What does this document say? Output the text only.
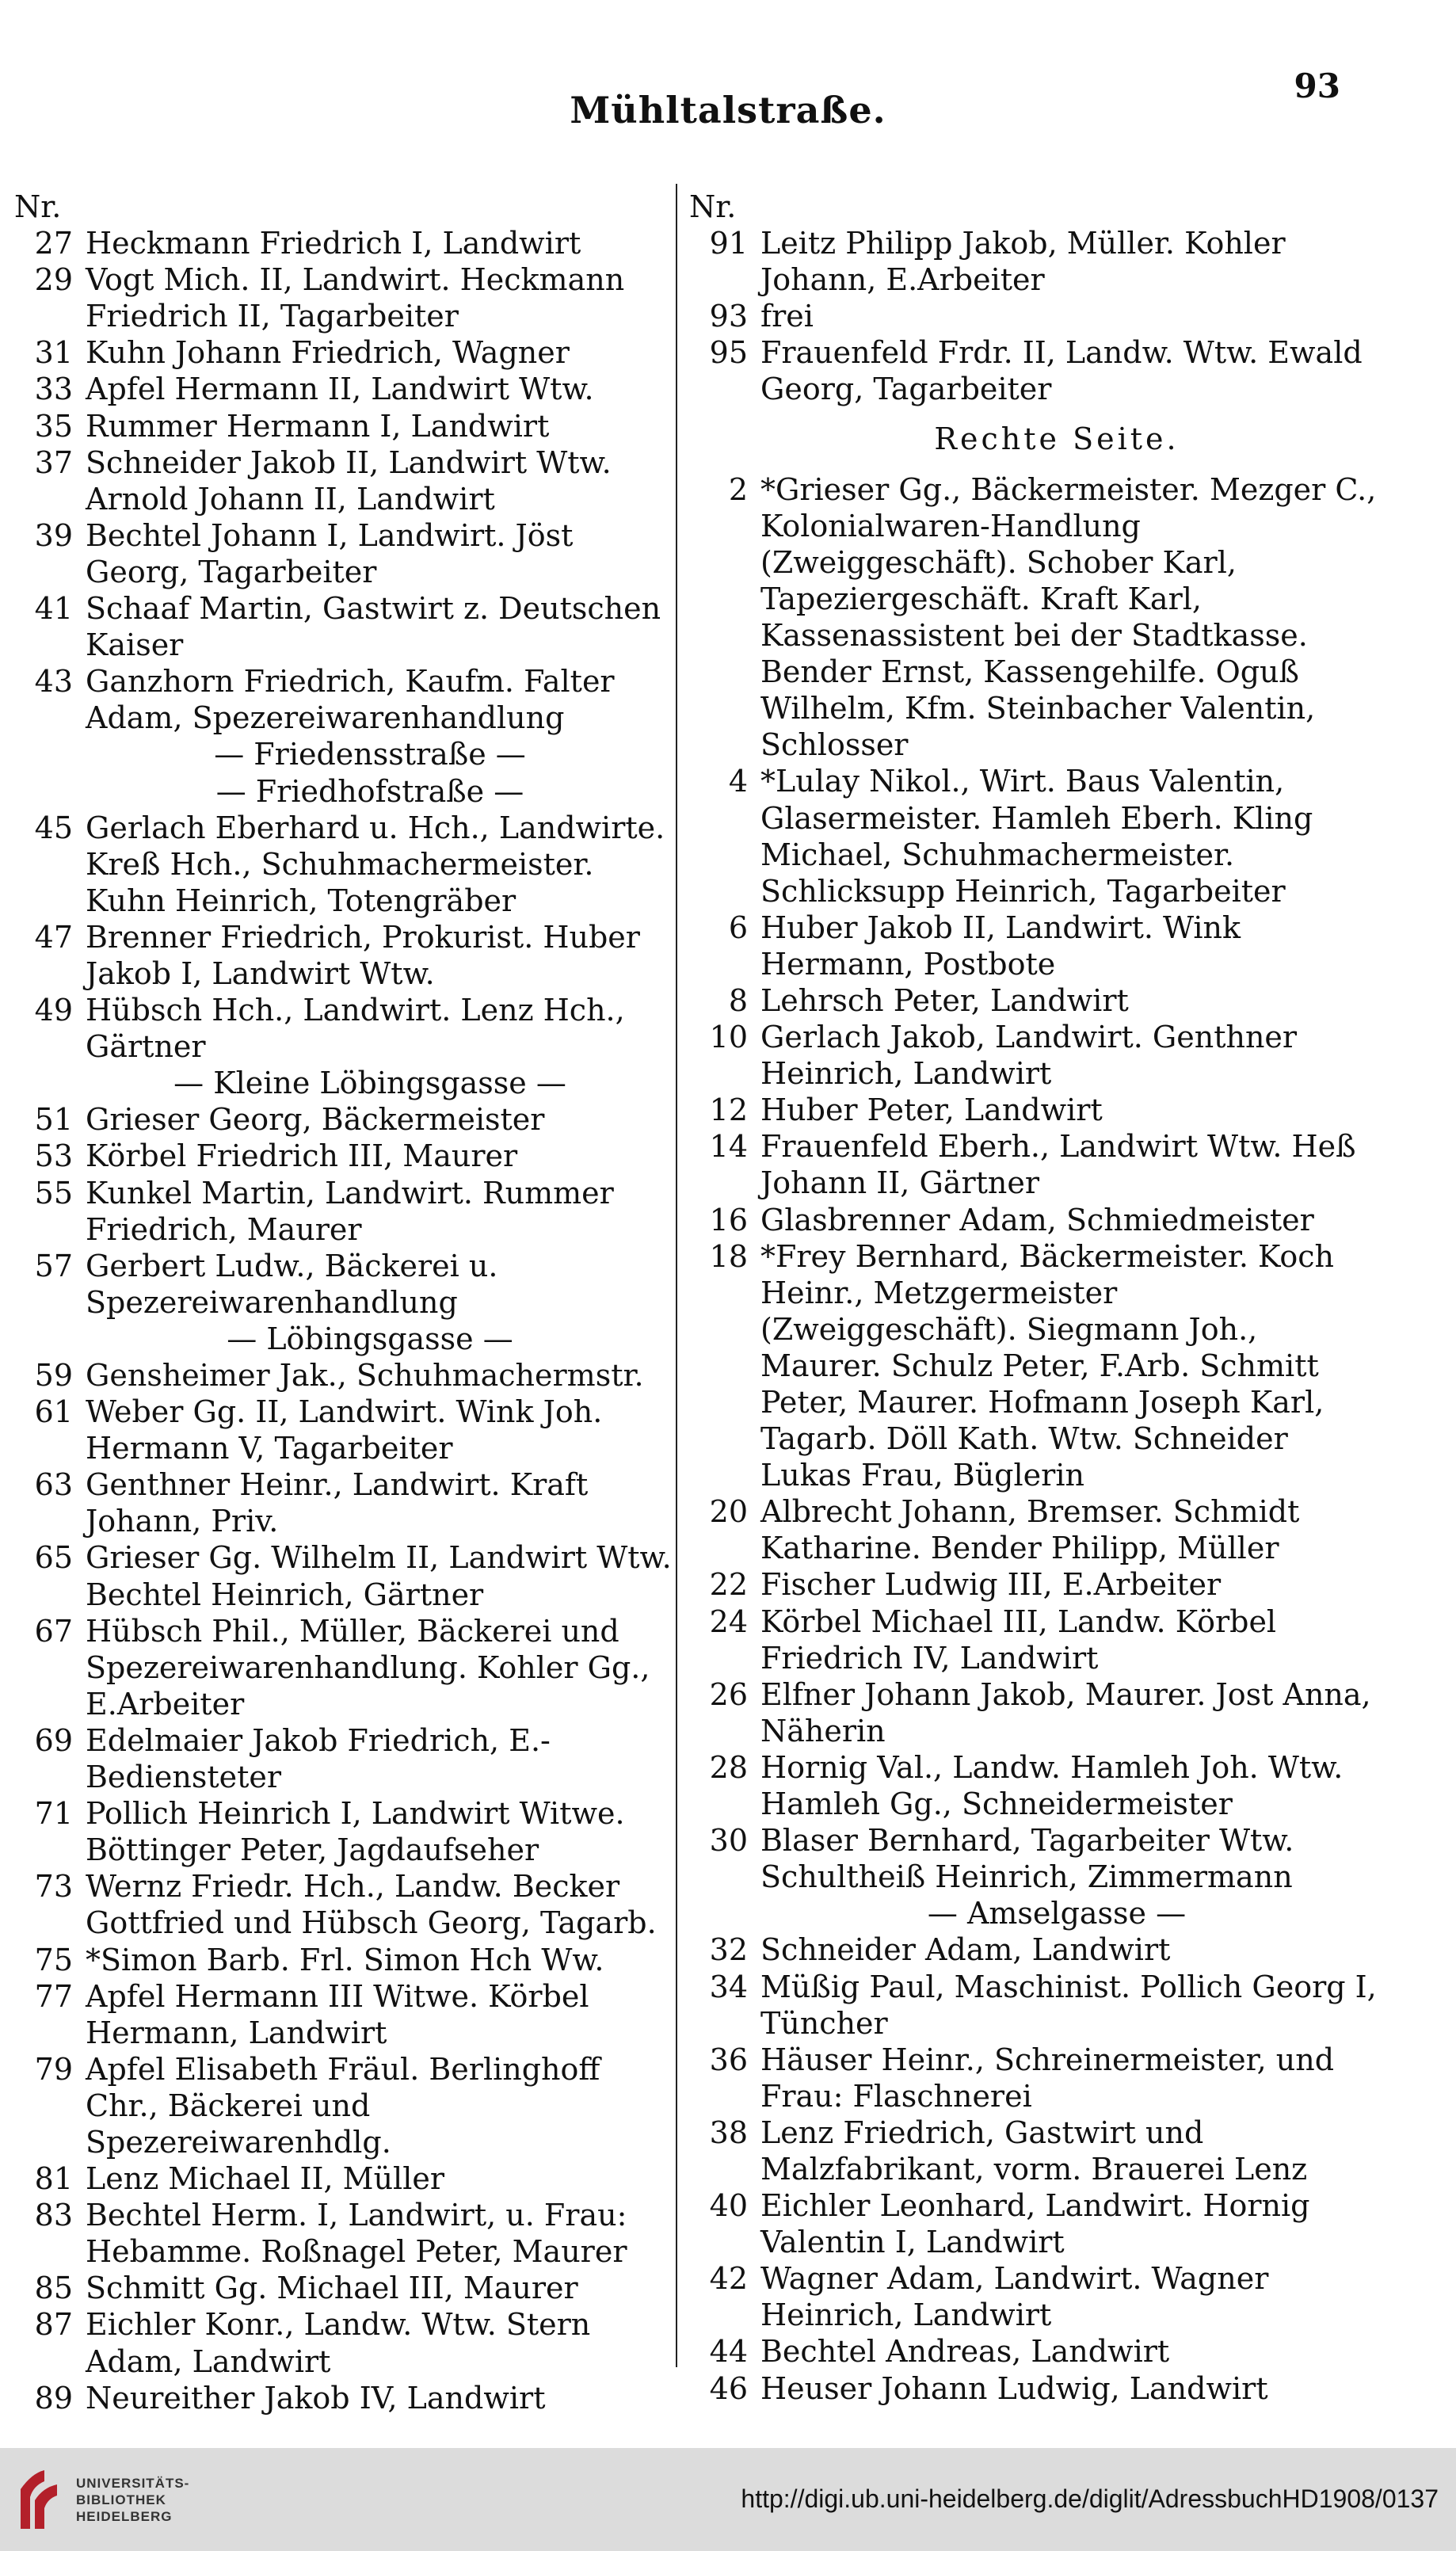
Mühltalstraße.
93
Nr.
27 Heckmann Friedrich I, Landwirt
29 Vogt Mich. II, Landwirt. Heckmann Friedrich II, Tagarbeiter
31 Kuhn Johann Friedrich, Wagner
33 Apfel Hermann II, Landwirt Wtw.
35 Rummer Hermann I, Landwirt
37 Schneider Jakob II, Landwirt Wtw. Arnold Johann II, Landwirt
39 Bechtel Johann I, Landwirt. Jöst Georg, Tagarbeiter
41 Schaaf Martin, Gastwirt z. Deutschen Kaiser
43 Ganzhorn Friedrich, Kaufm. Falter Adam, Spezereiwarenhandlung
— Friedensstraße —
— Friedhofstraße —
45 Gerlach Eberhard u. Hch., Landwirte. Kreß Hch., Schuhmachermeister. Kuhn Heinrich, Totengräber
47 Brenner Friedrich, Prokurist. Huber Jakob I, Landwirt Wtw.
49 Hübsch Hch., Landwirt. Lenz Hch., Gärtner
— Kleine Löbingsgasse —
51 Grieser Georg, Bäckermeister
53 Körbel Friedrich III, Maurer
55 Kunkel Martin, Landwirt. Rummer Friedrich, Maurer
57 Gerbert Ludw., Bäckerei u. Spezereiwarenhandlung
— Löbingsgasse —
59 Gensheimer Jak., Schuhmachermstr.
61 Weber Gg. II, Landwirt. Wink Joh. Hermann V, Tagarbeiter
63 Genthner Heinr., Landwirt. Kraft Johann, Priv.
65 Grieser Gg. Wilhelm II, Landwirt Wtw. Bechtel Heinrich, Gärtner
67 Hübsch Phil., Müller, Bäckerei und Spezereiwarenhandlung. Kohler Gg., E.Arbeiter
69 Edelmaier Jakob Friedrich, E.-Bediensteter
71 Pollich Heinrich I, Landwirt Witwe. Böttinger Peter, Jagdaufseher
73 Wernz Friedr. Hch., Landw. Becker Gottfried und Hübsch Georg, Tagarb.
75 *Simon Barb. Frl. Simon Hch Ww.
77 Apfel Hermann III Witwe. Körbel Hermann, Landwirt
79 Apfel Elisabeth Fräul. Berlinghoff Chr., Bäckerei und Spezereiwarenhdlg.
81 Lenz Michael II, Müller
83 Bechtel Herm. I, Landwirt, u. Frau: Hebamme. Roßnagel Peter, Maurer
85 Schmitt Gg. Michael III, Maurer
87 Eichler Konr., Landw. Wtw. Stern Adam, Landwirt
89 Neureither Jakob IV, Landwirt
Nr.
91 Leitz Philipp Jakob, Müller. Kohler Johann, E.Arbeiter
93 frei
95 Frauenfeld Frdr. II, Landw. Wtw. Ewald Georg, Tagarbeiter
Rechte Seite.
2 *Grieser Gg., Bäckermeister. Mezger C., Kolonialwaren-Handlung (Zweiggeschäft). Schober Karl, Tapeziergeschäft. Kraft Karl, Kassenassistent bei der Stadtkasse. Bender Ernst, Kassengehilfe. Oguß Wilhelm, Kfm. Steinbacher Valentin, Schlosser
4 *Lulay Nikol., Wirt. Baus Valentin, Glasermeister. Hamleh Eberh. Kling Michael, Schuhmachermeister. Schlicksupp Heinrich, Tagarbeiter
6 Huber Jakob II, Landwirt. Wink Hermann, Postbote
8 Lehrsch Peter, Landwirt
10 Gerlach Jakob, Landwirt. Genthner Heinrich, Landwirt
12 Huber Peter, Landwirt
14 Frauenfeld Eberh., Landwirt Wtw. Heß Johann II, Gärtner
16 Glasbrenner Adam, Schmiedmeister
18 *Frey Bernhard, Bäckermeister. Koch Heinr., Metzgermeister (Zweiggeschäft). Siegmann Joh., Maurer. Schulz Peter, F.Arb. Schmitt Peter, Maurer. Hofmann Joseph Karl, Tagarb. Döll Kath. Wtw. Schneider Lukas Frau, Büglerin
20 Albrecht Johann, Bremser. Schmidt Katharine. Bender Philipp, Müller
22 Fischer Ludwig III, E.Arbeiter
24 Körbel Michael III, Landw. Körbel Friedrich IV, Landwirt
26 Elfner Johann Jakob, Maurer. Jost Anna, Näherin
28 Hornig Val., Landw. Hamleh Joh. Wtw. Hamleh Gg., Schneidermeister
30 Blaser Bernhard, Tagarbeiter Wtw. Schultheiß Heinrich, Zimmermann
— Amselgasse —
32 Schneider Adam, Landwirt
34 Müßig Paul, Maschinist. Pollich Georg I, Tüncher
36 Häuser Heinr., Schreinermeister, und Frau: Flaschnerei
38 Lenz Friedrich, Gastwirt und Malzfabrikant, vorm. Brauerei Lenz
40 Eichler Leonhard, Landwirt. Hornig Valentin I, Landwirt
42 Wagner Adam, Landwirt. Wagner Heinrich, Landwirt
44 Bechtel Andreas, Landwirt
46 Heuser Johann Ludwig, Landwirt
UNIVERSITÄTS-
BIBLIOTHEK
HEIDELBERG
http://digi.ub.uni-heidelberg.de/diglit/AdressbuchHD1908/0137
